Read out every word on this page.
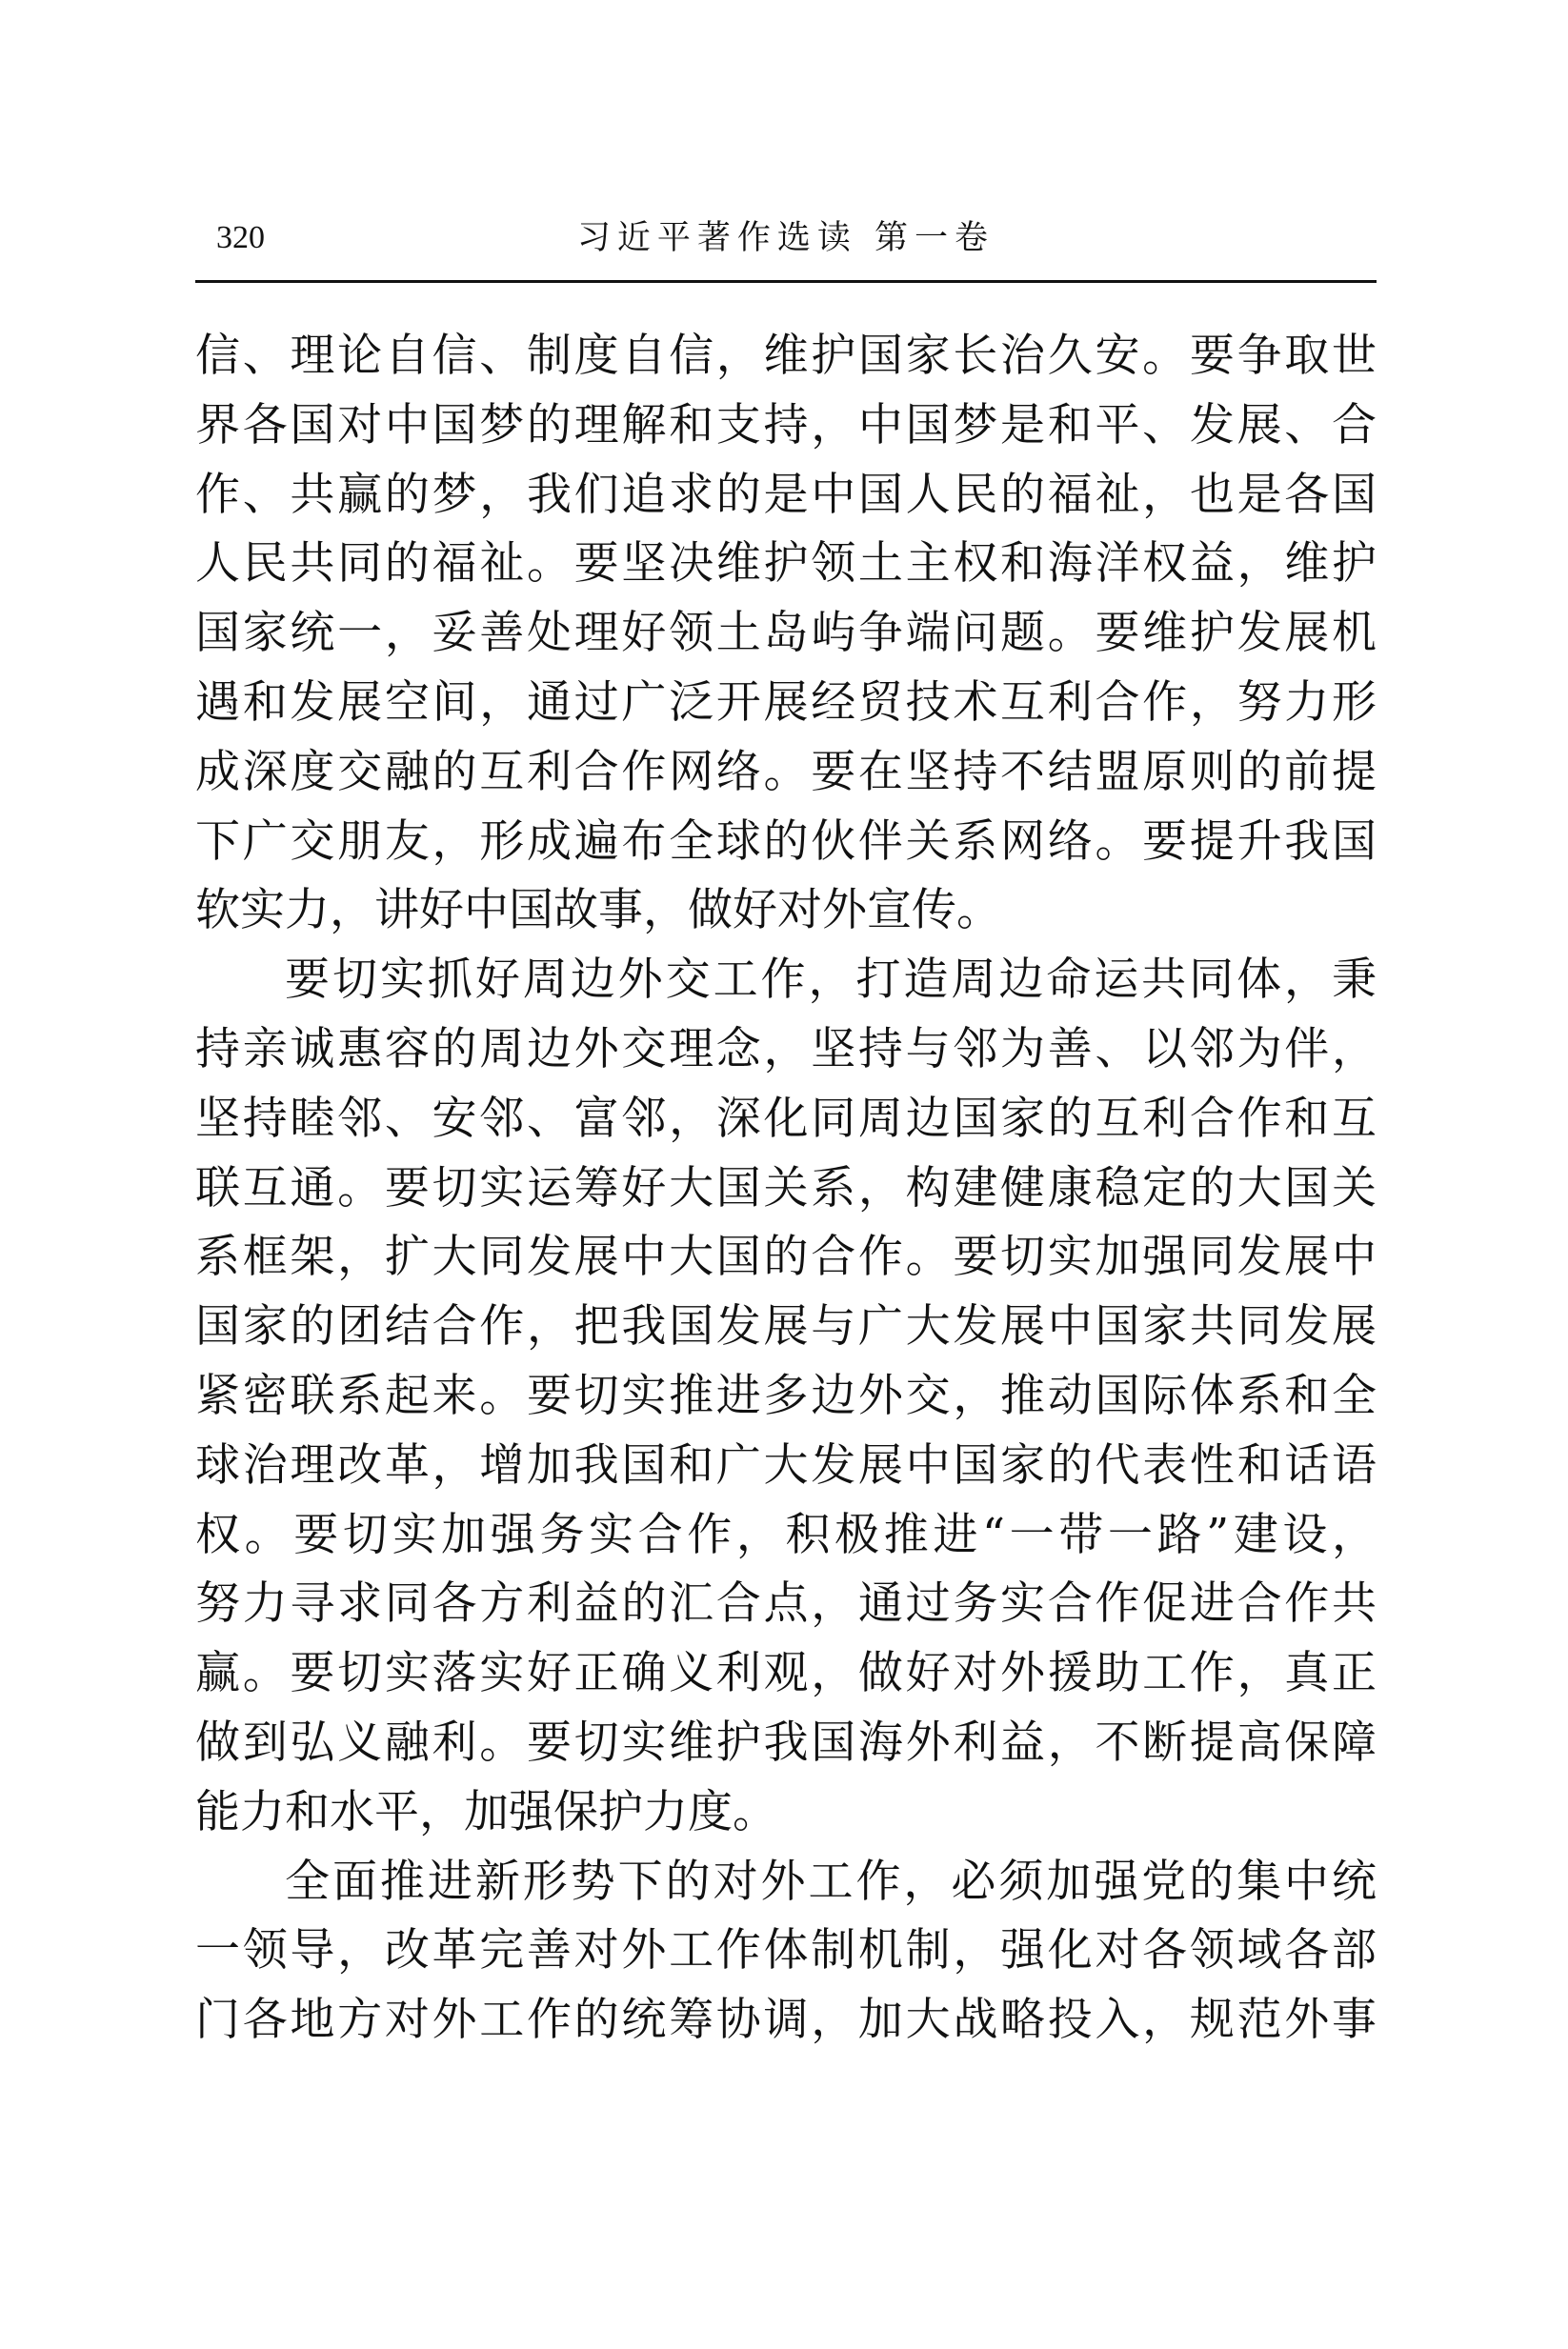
320	习近平著作选读 第一卷
信、理论自信、制度自信，维护国家长治久安。要争取世
界各国对中国梦的理解和支持，中国梦是和平、发展、合
作、共赢的梦，我们追求的是中国人民的福祉，也是各国
人民共同的福祉。要坚决维护领土主权和海洋权益，维护
国家统一，妥善处理好领土岛屿争端问题。要维护发展机
遇和发展空间，通过广泛开展经贸技术互利合作，努力形
成深度交融的互利合作网络。要在坚持不结盟原则的前提
下广交朋友，形成遍布全球的伙伴关系网络。要提升我国
软实力，讲好中国故事，做好对外宣传。
要切实抓好周边外交工作，打造周边命运共同体，秉
持亲诚惠容的周边外交理念，坚持与邻为善、以邻为伴，
坚持睦邻、安邻、富邻，深化同周边国家的互利合作和互
联互通。要切实运筹好大国关系，构建健康稳定的大国关
系框架，扩大同发展中大国的合作。要切实加强同发展中
国家的团结合作，把我国发展与广大发展中国家共同发展
紧密联系起来。要切实推进多边外交，推动国际体系和全
球治理改革，增加我国和广大发展中国家的代表性和话语
权。要切实加强务实合作，积极推进“一带一路”建设，
努力寻求同各方利益的汇合点，通过务实合作促进合作共
赢。要切实落实好正确义利观，做好对外援助工作，真正
做到弘义融利。要切实维护我国海外利益，不断提高保障
能力和水平，加强保护力度。
全面推进新形势下的对外工作，必须加强党的集中统
一领导，改革完善对外工作体制机制，强化对各领域各部
门各地方对外工作的统筹协调，加大战略投入，规范外事
